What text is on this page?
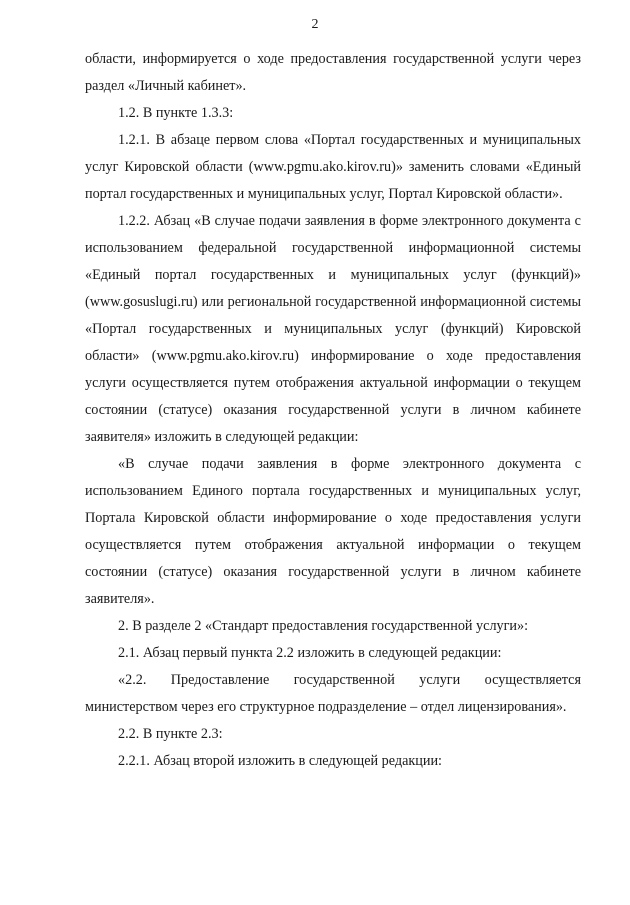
2

области, информируется о ходе предоставления государственной услуги через раздел «Личный кабинет».

1.2. В пункте 1.3.3:

1.2.1. В абзаце первом слова «Портал государственных и муниципальных услуг Кировской области (www.pgmu.ako.kirov.ru)» заменить словами «Единый портал государственных и муниципальных услуг, Портал Кировской области».

1.2.2. Абзац «В случае подачи заявления в форме электронного документа с использованием федеральной государственной информационной системы «Единый портал государственных и муниципальных услуг (функций)» (www.gosuslugi.ru) или региональной государственной информационной системы «Портал государственных и муниципальных услуг (функций) Кировской области» (www.pgmu.ako.kirov.ru) информирование о ходе предоставления услуги осуществляется путем отображения актуальной информации о текущем состоянии (статусе) оказания государственной услуги в личном кабинете заявителя» изложить в следующей редакции:

«В случае подачи заявления в форме электронного документа с использованием Единого портала государственных и муниципальных услуг, Портала Кировской области информирование о ходе предоставления услуги осуществляется путем отображения актуальной информации о текущем состоянии (статусе) оказания государственной услуги в личном кабинете заявителя».

2. В разделе 2 «Стандарт предоставления государственной услуги»:

2.1. Абзац первый пункта 2.2 изложить в следующей редакции:

«2.2. Предоставление государственной услуги осуществляется министерством через его структурное подразделение – отдел лицензирования».

2.2. В пункте 2.3:

2.2.1. Абзац второй изложить в следующей редакции:
